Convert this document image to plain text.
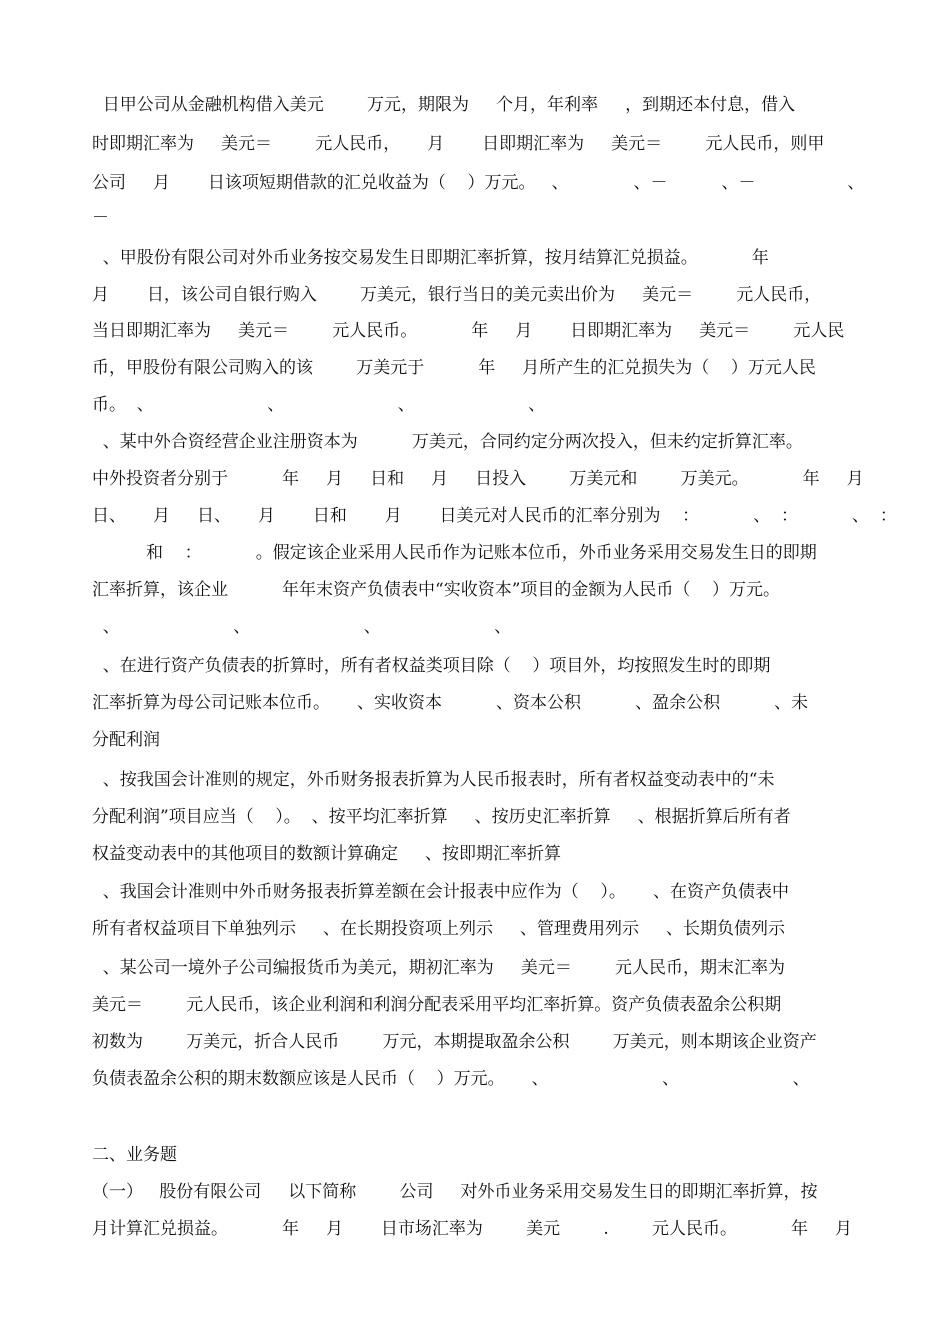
日甲公司从金融机构借入美元        万元，期限为     个月，年利率     ，到期还本付息，借入

时即期汇率为     美元＝        元人民币，     月       日即期汇率为     美元＝        元人民币，则甲

公司     月       日该项短期借款的汇兑收益为（    ）万元。   、            、－          、－                 、

－

、甲股份有限公司对外币业务按交易发生日即期汇率折算，按月结算汇兑损益。          年

月       日，该公司自银行购入        万美元，银行当日的美元卖出价为     美元＝        元人民币，

当日即期汇率为     美元＝        元人民币。          年     月       日即期汇率为     美元＝        元人民

币，甲股份有限公司购入的该        万美元于          年     月所产生的汇兑损失为（    ）万元人民

币。  、                     、                     、                     、

、某中外合资经营企业注册资本为          万美元，合同约定分两次投入，但未约定折算汇率。

中外投资者分别于          年     月     日和     月     日投入        万美元和        万美元。          年     月

日、     月     日、     月       日和       月       日美元对人民币的汇率分别为    ：          、  ：          、  ：

和    ：          。假定该企业采用人民币作为记账本位币，外币业务采用交易发生日的即期

汇率折算，该企业          年年末资产负债表中“实收资本”项目的金额为人民币（    ）万元。

、                     、                     、                     、

、在进行资产负债表的折算时，所有者权益类项目除（    ）项目外，均按照发生时的即期

汇率折算为母公司记账本位币。     、实收资本          、资本公积          、盈余公积          、未

分配利润

、按我国会计准则的规定，外币财务报表折算为人民币报表时，所有者权益变动表中的“未

分配利润”项目应当（    ）。  、按平均汇率折算     、按历史汇率折算     、根据折算后所有者

权益变动表中的其他项目的数额计算确定     、按即期汇率折算

、我国会计准则中外币财务报表折算差额在会计报表中应作为（    ）。     、在资产负债表中

所有者权益项目下单独列示     、在长期投资项上列示     、管理费用列示     、长期负债列示

、某公司一境外子公司编报货币为美元，期初汇率为     美元＝        元人民币，期末汇率为

美元＝        元人民币，该企业利润和利润分配表采用平均汇率折算。资产负债表盈余公积期

初数为        万美元，折合人民币        万元，本期提取盈余公积        万美元，则本期该企业资产

负债表盈余公积的期末数额应该是人民币（    ）万元。     、                     、                     、

二、业务题

（一）   股份有限公司     以下简称        公司     对外币业务采用交易发生日的即期汇率折算，按

月计算汇兑损益。          年     月       日市场汇率为        美元        .        元人民币。          年     月
